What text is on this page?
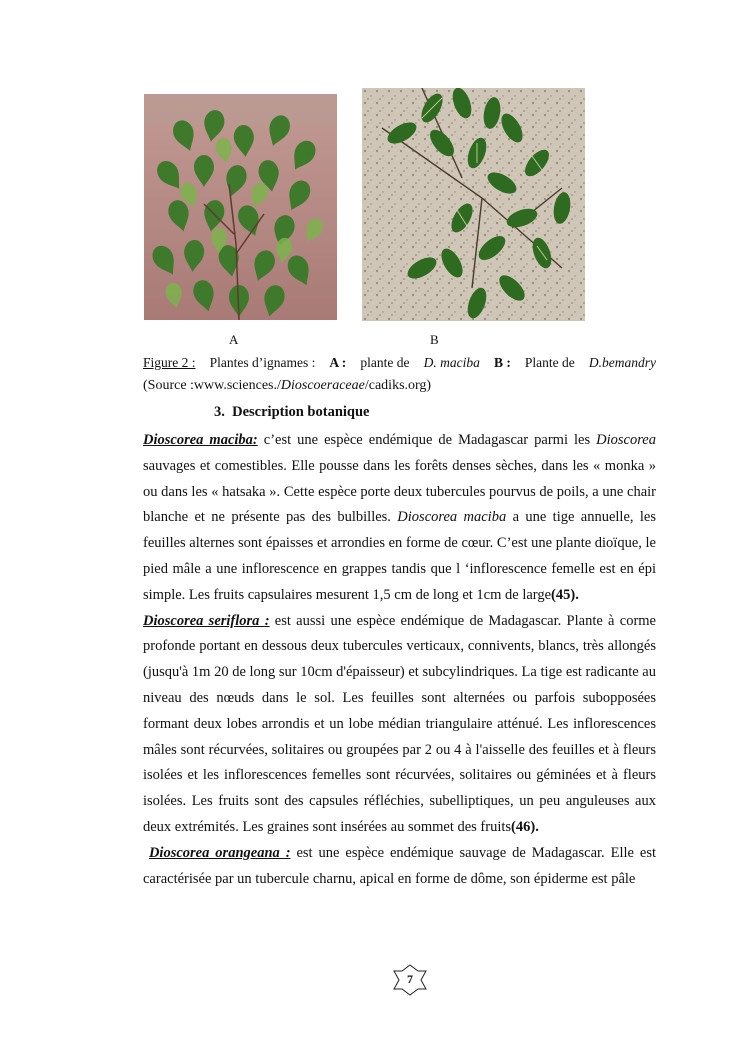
A	B
Figure 2 : Plantes d’ignames : A : plante de D. maciba B : Plante de D.bemandry
(Source :www.sciences./Dioscoeraceae/cadiks.org)
3. Description botanique

Dioscorea maciba: c’est une espèce endémique de Madagascar parmi les Dioscorea sauvages et comestibles. Elle pousse dans les forêts denses sèches, dans les « monka » ou dans les « hatsaka ». Cette espèce porte deux tubercules pourvus de poils, a une chair blanche et ne présente pas des bulbilles. Dioscorea maciba a une tige annuelle, les feuilles alternes sont épaisses et arrondies en forme de cœur. C’est une plante dioïque, le pied mâle a une inflorescence en grappes tandis que l ‘inflorescence femelle est en épi simple. Les fruits capsulaires mesurent 1,5 cm de long et 1cm de large(45).

Dioscorea seriflora : est aussi une espèce endémique de Madagascar. Plante à corme profonde portant en dessous deux tubercules verticaux, connivents, blancs, très allongés (jusqu'à 1m 20 de long sur 10cm d'épaisseur) et subcylindriques. La tige est radicante au niveau des nœuds dans le sol. Les feuilles sont alternées ou parfois subopposées formant deux lobes arrondis et un lobe médian triangulaire atténué. Les inflorescences mâles sont récurvées, solitaires ou groupées par 2 ou 4 à l'aisselle des feuilles et à fleurs isolées et les inflorescences femelles sont récurvées, solitaires ou géminées et à fleurs isolées. Les fruits sont des capsules réfléchies, subelliptiques, un peu anguleuses aux deux extrémités. Les graines sont insérées au sommet des fruits(46).

Dioscorea orangeana : est une espèce endémique sauvage de Madagascar. Elle est caractérisée par un tubercule charnu, apical en forme de dôme, son épiderme est pâle

7
